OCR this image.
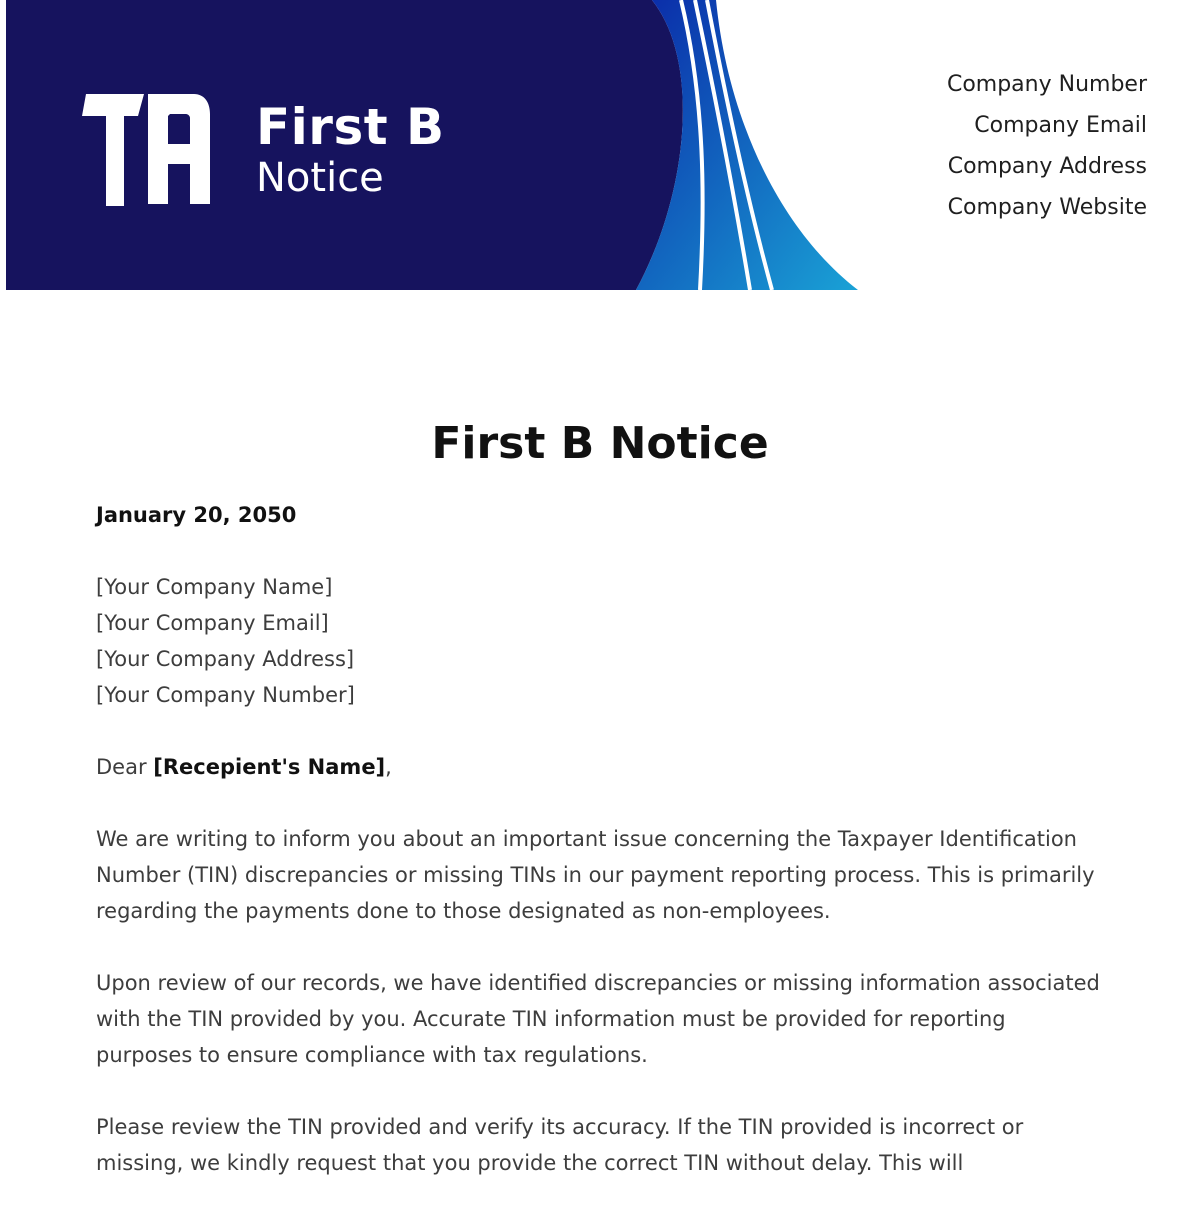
First B
Notice
Company Number
Company Email
Company Address
Company Website
First B Notice

January 20, 2050

[Your Company Name]
[Your Company Email]
[Your Company Address]
[Your Company Number]

Dear [Recepient's Name],

We are writing to inform you about an important issue concerning the Taxpayer Identification Number (TIN) discrepancies or missing TINs in our payment reporting process. This is primarily regarding the payments done to those designated as non-employees.

Upon review of our records, we have identified discrepancies or missing information associated with the TIN provided by you. Accurate TIN information must be provided for reporting purposes to ensure compliance with tax regulations.

Please review the TIN provided and verify its accuracy. If the TIN provided is incorrect or missing, we kindly request that you provide the correct TIN without delay. This will
